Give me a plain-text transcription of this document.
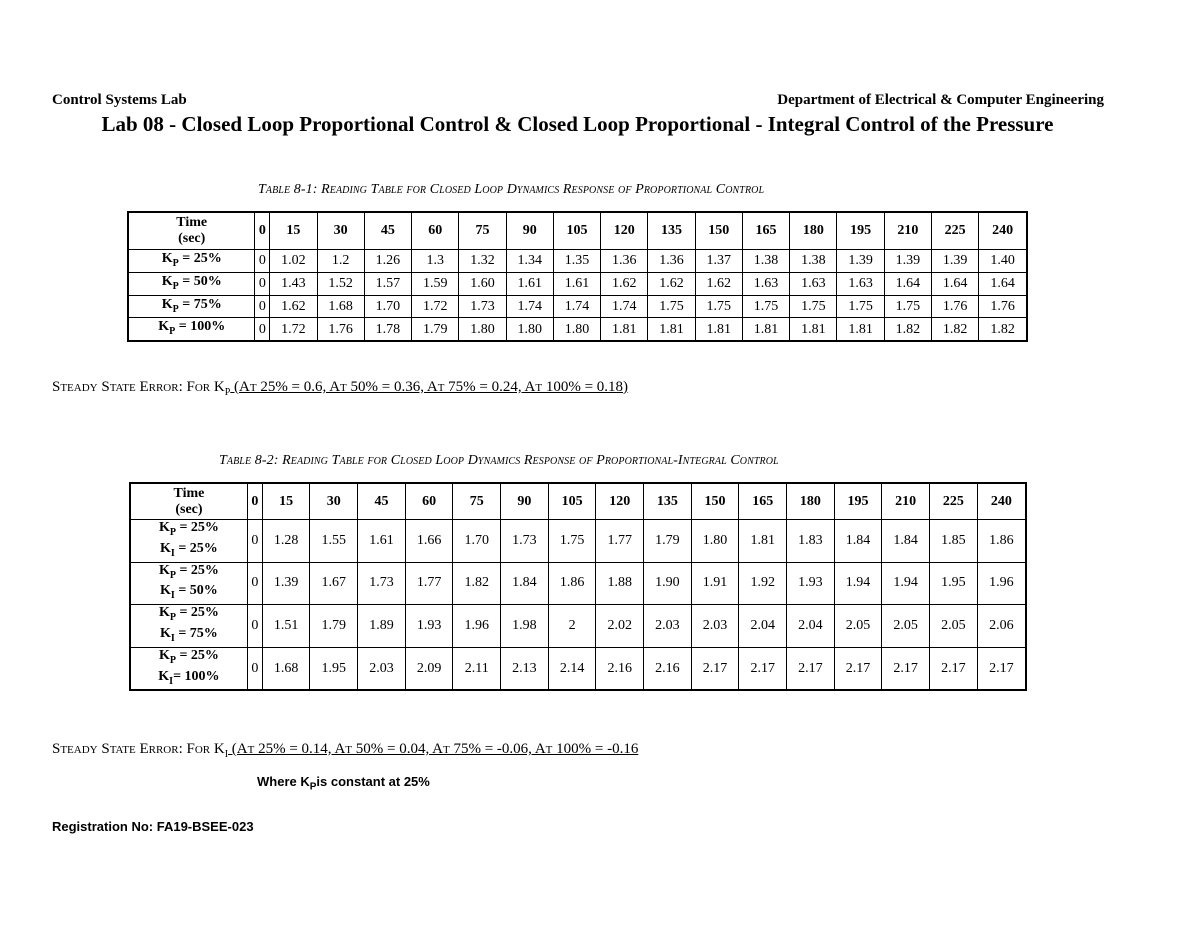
Control Systems Lab	Department of Electrical & Computer Engineering
Lab 08 - Closed Loop Proportional Control & Closed Loop Proportional - Integral Control of the Pressure
Table 8-1: Reading Table for Closed Loop Dynamics Response of Proportional Control
Time
(sec)	0	15	30	45	60	75	90	105	120	135	150	165	180	195	210	225	240
$K_P = 25\%$	0	1.02	1.2	1.26	1.3	1.32	1.34	1.35	1.36	1.36	1.37	1.38	1.38	1.39	1.39	1.39	1.40
$K_P = 50\%$	0	1.43	1.52	1.57	1.59	1.60	1.61	1.61	1.62	1.62	1.62	1.63	1.63	1.63	1.64	1.64	1.64
$K_P = 75\%$	0	1.62	1.68	1.70	1.72	1.73	1.74	1.74	1.74	1.75	1.75	1.75	1.75	1.75	1.75	1.76	1.76
$K_P = 100\%$	0	1.72	1.76	1.78	1.79	1.80	1.80	1.80	1.81	1.81	1.81	1.81	1.81	1.81	1.82	1.82	1.82
Steady State Error: For $K_P$ (At 25% = 0.6, At 50% = 0.36, At 75% = 0.24, At 100% = 0.18)
Table 8-2: Reading Table for Closed Loop Dynamics Response of Proportional-Integral Control
Time
(sec)	0	15	30	45	60	75	90	105	120	135	150	165	180	195	210	225	240
$K_P = 25\%$
$K_I = 25\%$	0	1.28	1.55	1.61	1.66	1.70	1.73	1.75	1.77	1.79	1.80	1.81	1.83	1.84	1.84	1.85	1.86
$K_P = 25\%$
$K_I = 50\%$	0	1.39	1.67	1.73	1.77	1.82	1.84	1.86	1.88	1.90	1.91	1.92	1.93	1.94	1.94	1.95	1.96
$K_P = 25\%$
$K_I = 75\%$	0	1.51	1.79	1.89	1.93	1.96	1.98	2	2.02	2.03	2.03	2.04	2.04	2.05	2.05	2.05	2.06
$K_P = 25\%$
$K_I= 100\%$	0	1.68	1.95	2.03	2.09	2.11	2.13	2.14	2.16	2.16	2.17	2.17	2.17	2.17	2.17	2.17	2.17
Steady State Error: For $K_I$ (At 25% = 0.14, At 50% = 0.04, At 75% = -0.06, At 100% = -0.16
Where $K_Pis$ constant at 25%
Registration No: FA19-BSEE-023
